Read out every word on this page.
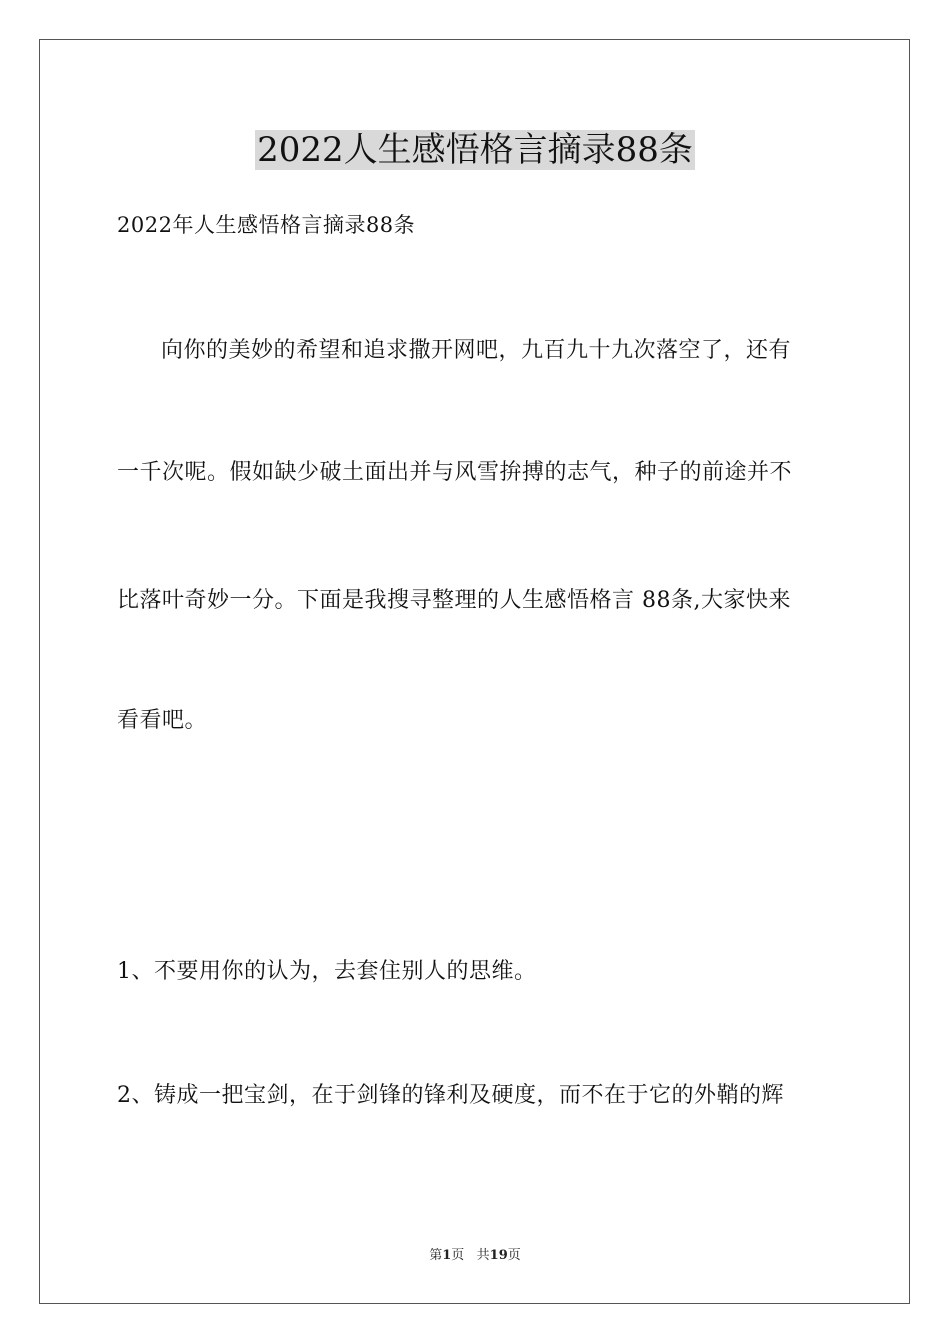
2022人生感悟格言摘录88条
2022年人生感悟格言摘录88条
向你的美妙的希望和追求撒开网吧，九百九十九次落空了，还有
一千次呢。假如缺少破土面出并与风雪拚搏的志气，种子的前途并不
比落叶奇妙一分。下面是我搜寻整理的人生感悟格言 88条,大家快来
看看吧。
1、不要用你的认为，去套住别人的思维。
2、铸成一把宝剑，在于剑锋的锋利及硬度，而不在于它的外鞘的辉
第1页   共19页
